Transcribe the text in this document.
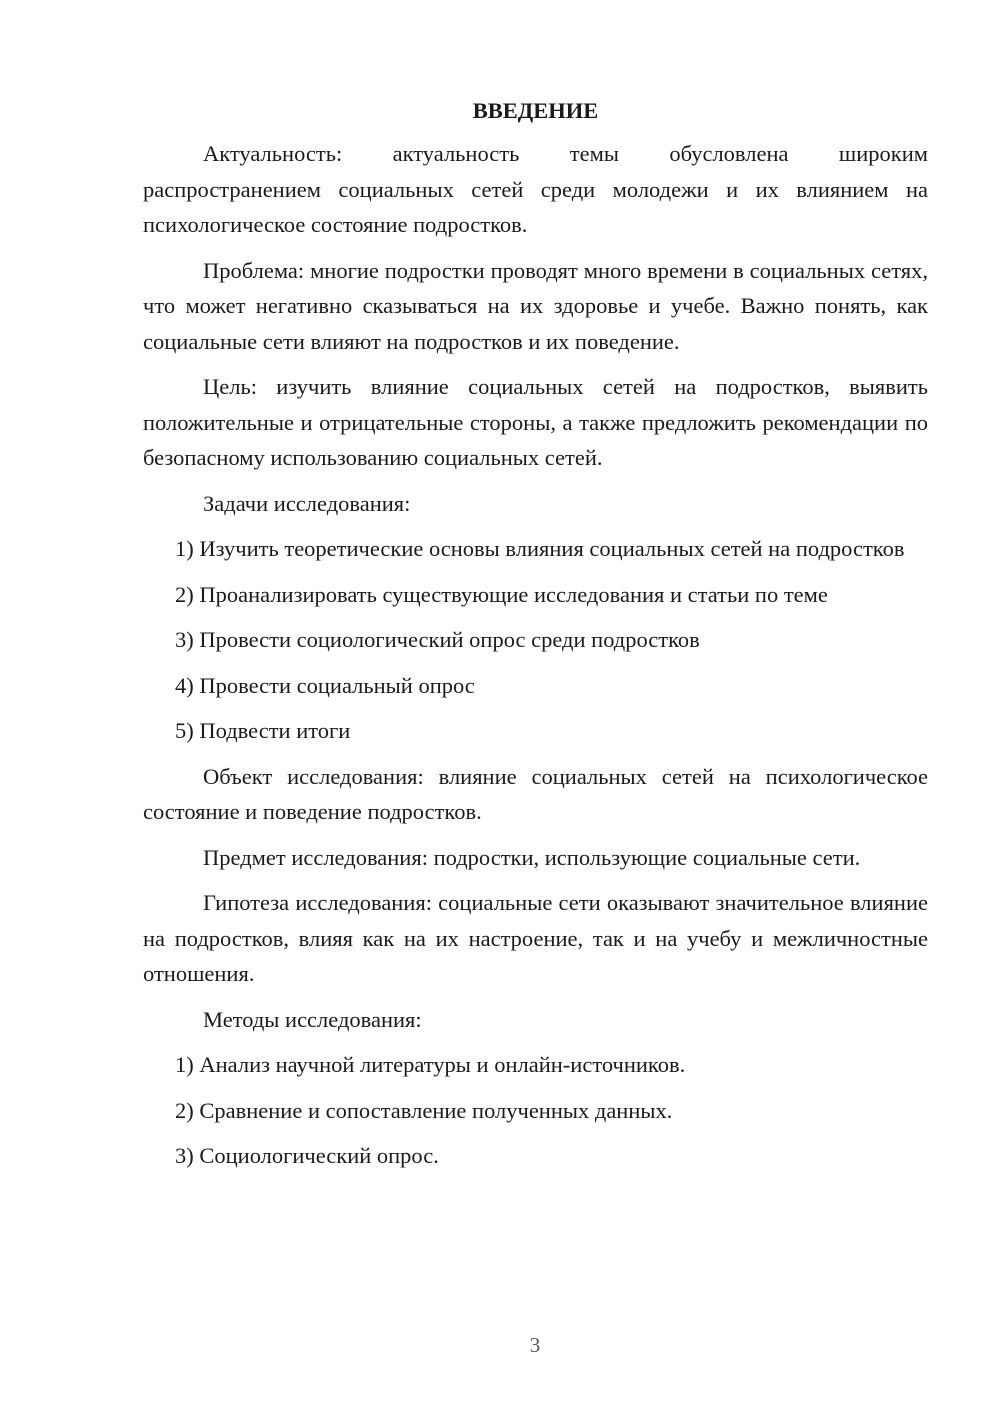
ВВЕДЕНИЕ

Актуальность: актуальность темы обусловлена широким распространением социальных сетей среди молодежи и их влиянием на психологическое состояние подростков.

Проблема: многие подростки проводят много времени в социальных сетях, что может негативно сказываться на их здоровье и учебе. Важно понять, как социальные сети влияют на подростков и их поведение.

Цель: изучить влияние социальных сетей на подростков, выявить положительные и отрицательные стороны, а также предложить рекомендации по безопасному использованию социальных сетей.

Задачи исследования:

1) Изучить теоретические основы влияния социальных сетей на подростков

2) Проанализировать существующие исследования и статьи по теме

3) Провести социологический опрос среди подростков

4) Провести социальный опрос

5) Подвести итоги

Объект исследования: влияние социальных сетей на психологическое состояние и поведение подростков.

Предмет исследования: подростки, использующие социальные сети.

Гипотеза исследования: социальные сети оказывают значительное влияние на подростков, влияя как на их настроение, так и на учебу и межличностные отношения.

Методы исследования:

1) Анализ научной литературы и онлайн-источников.

2) Сравнение и сопоставление полученных данных.

3) Социологический опрос.

3
